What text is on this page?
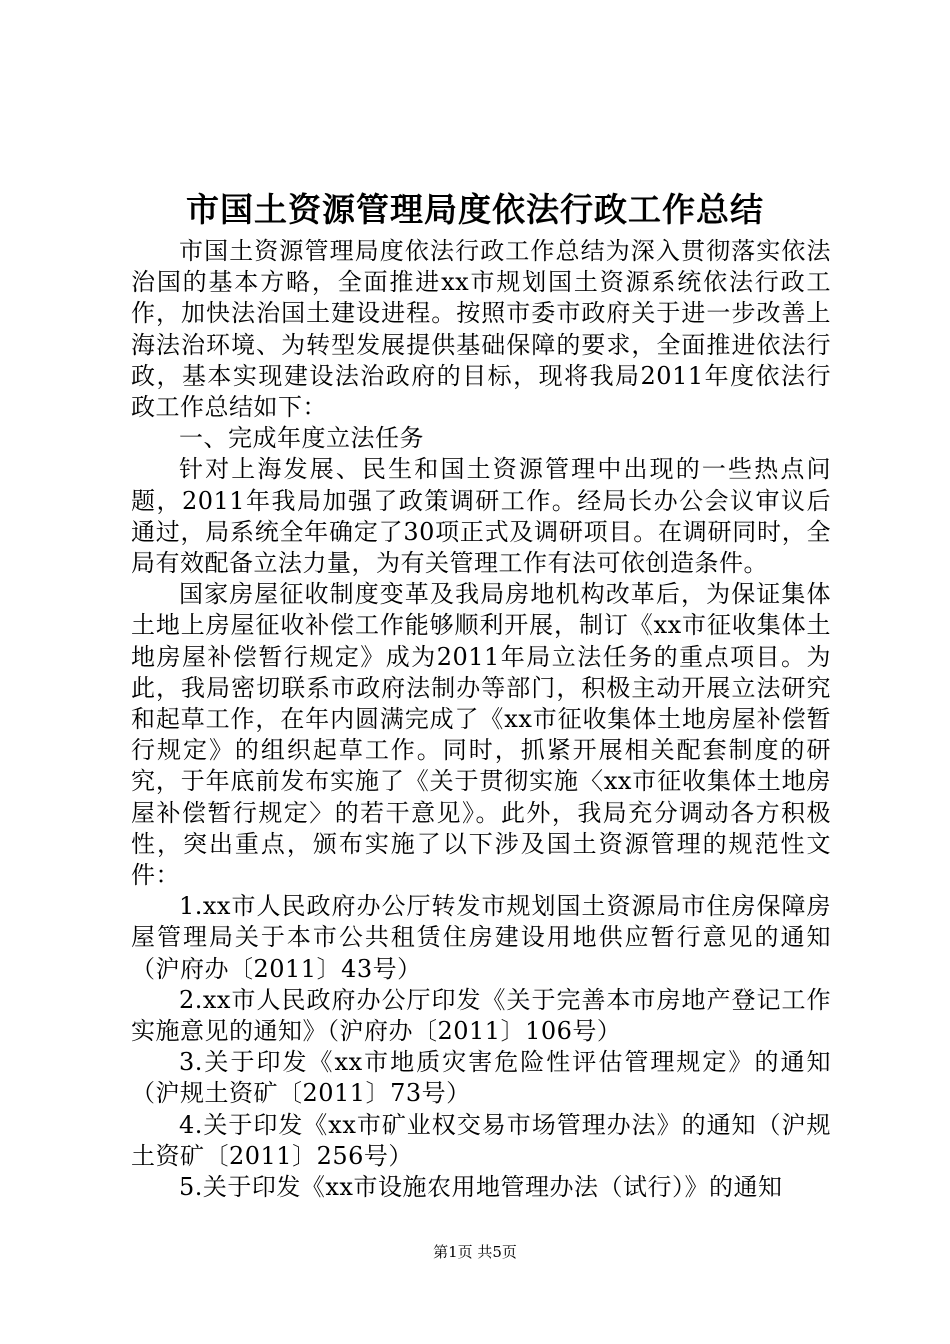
市国土资源管理局度依法行政工作总结

市国土资源管理局度依法行政工作总结为深入贯彻落实依法治国的基本方略，全面推进xx市规划国土资源系统依法行政工作，加快法治国土建设进程。按照市委市政府关于进一步改善上海法治环境、为转型发展提供基础保障的要求，全面推进依法行政，基本实现建设法治政府的目标，现将我局2011年度依法行政工作总结如下：

一、完成年度立法任务

针对上海发展、民生和国土资源管理中出现的一些热点问题，2011年我局加强了政策调研工作。经局长办公会议审议后通过，局系统全年确定了30项正式及调研项目。在调研同时，全局有效配备立法力量，为有关管理工作有法可依创造条件。

国家房屋征收制度变革及我局房地机构改革后，为保证集体土地上房屋征收补偿工作能够顺利开展，制订《xx市征收集体土地房屋补偿暂行规定》成为2011年局立法任务的重点项目。为此，我局密切联系市政府法制办等部门，积极主动开展立法研究和起草工作，在年内圆满完成了《xx市征收集体土地房屋补偿暂行规定》的组织起草工作。同时，抓紧开展相关配套制度的研究，于年底前发布实施了《关于贯彻实施〈xx市征收集体土地房屋补偿暂行规定〉的若干意见》。此外，我局充分调动各方积极性，突出重点，颁布实施了以下涉及国土资源管理的规范性文件：

1.xx市人民政府办公厅转发市规划国土资源局市住房保障房屋管理局关于本市公共租赁住房建设用地供应暂行意见的通知（沪府办〔2011〕43号）

2.xx市人民政府办公厅印发《关于完善本市房地产登记工作实施意见的通知》（沪府办〔2011〕106号）

3.关于印发《xx市地质灾害危险性评估管理规定》的通知（沪规土资矿〔2011〕73号）

4.关于印发《xx市矿业权交易市场管理办法》的通知（沪规土资矿〔2011〕256号）

5.关于印发《xx市设施农用地管理办法（试行）》的通知

第1页 共5页
